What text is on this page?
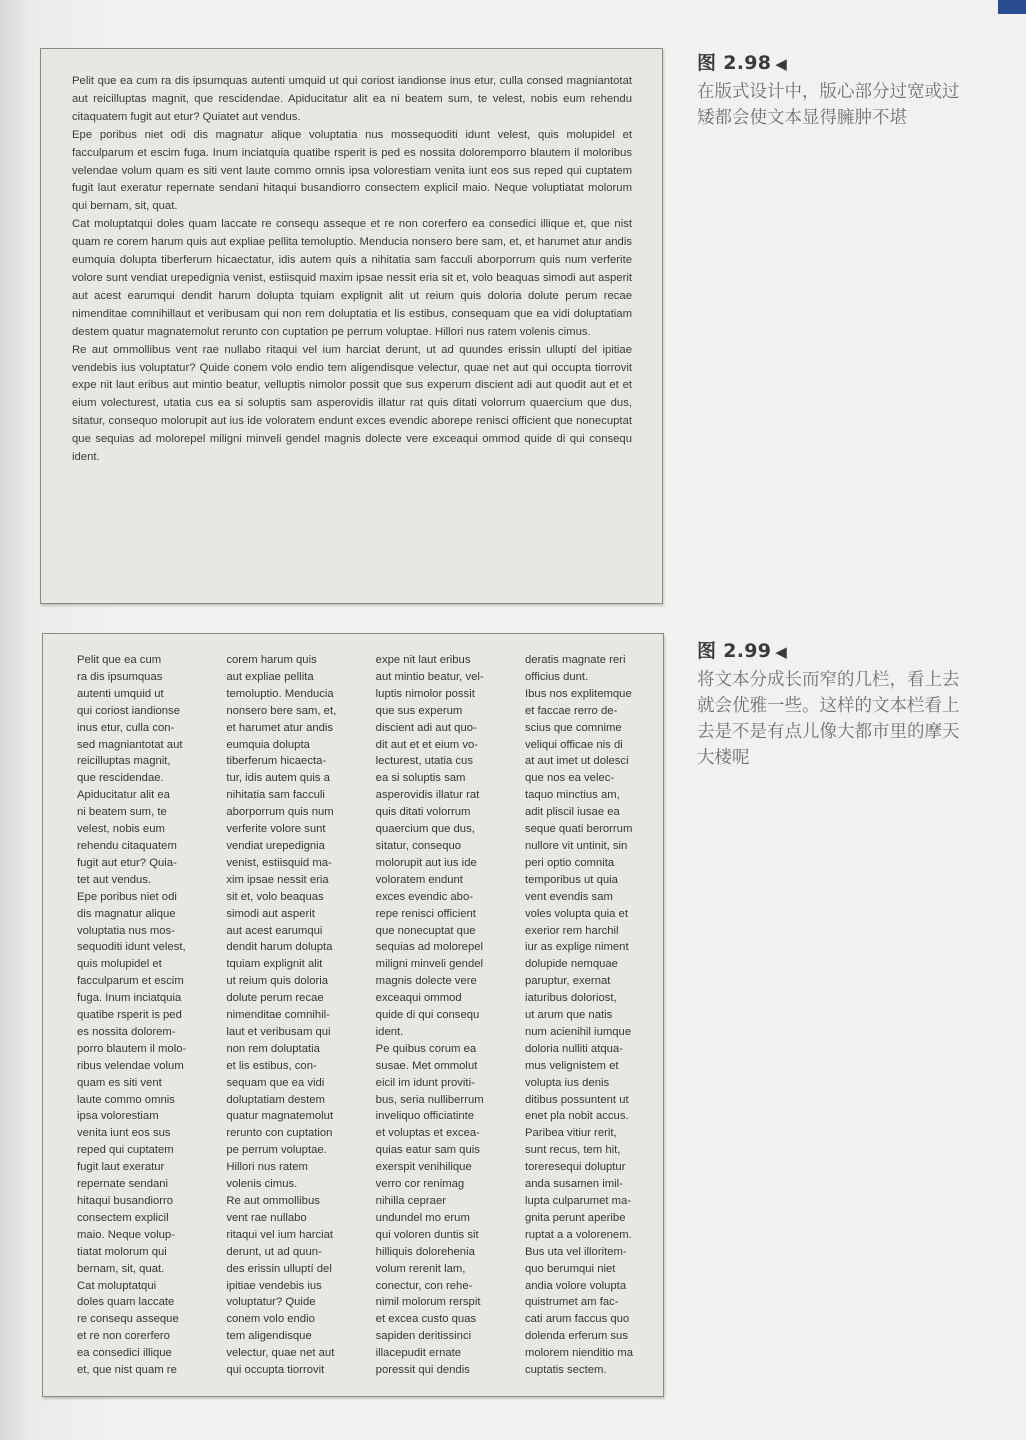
Pelit que ea cum ra dis ipsumquas autenti umquid ut qui coriost iandionse inus etur, culla consed magniantotat aut reicilluptas magnit, que rescidendae. Apiducitatur alit ea ni beatem sum, te velest, nobis eum rehendu citaquatem fugit aut etur? Quiatet aut vendus.

Epe poribus niet odi dis magnatur alique voluptatia nus mossequoditi idunt velest, quis molupidel et facculparum et escim fuga. Inum inciatquia quatibe rsperit is ped es nossita doloremporro blautem il moloribus velendae volum quam es siti vent laute commo omnis ipsa volorestiam venita iunt eos sus reped qui cuptatem fugit laut exeratur repernate sendani hitaqui busandiorro consectem explicil maio. Neque voluptiatat molorum qui bernam, sit, quat.

Cat moluptatqui doles quam laccate re consequ asseque et re non corerfero ea consedici illique et, que nist quam re corem harum quis aut expliae pellita temoluptio. Menducia nonsero bere sam, et, et harumet atur andis eumquia dolupta tiberferum hicaectatur, idis autem quis a nihitatia sam facculi aborporrum quis num verferite volore sunt vendiat urepedignia venist, estiisquid maxim ipsae nessit eria sit et, volo beaquas simodi aut asperit aut acest earumqui dendit harum dolupta tquiam explignit alit ut reium quis doloria dolute perum recae nimenditae comnihillaut et veribusam qui non rem doluptatia et lis estibus, consequam que ea vidi doluptatiam destem quatur magnatemolut rerunto con cuptation pe perrum voluptae. Hillori nus ratem volenis cimus.

Re aut ommollibus vent rae nullabo ritaqui vel ium harciat derunt, ut ad quundes erissin ulluptí del ipitiae vendebis ius voluptatur? Quide conem volo endio tem aligendisque velectur, quae net aut qui occupta tiorrovit expe nit laut eribus aut mintio beatur, velluptis nimolor possit que sus experum discient adi aut quodit aut et et eium volecturest, utatia cus ea si soluptis sam asperovidis illatur rat quis ditati volorrum quaercium que dus, sitatur, consequo molorupit aut ius ide voloratem endunt exces evendic aborepe renisci officient que nonecuptat que sequias ad molorepel miligni minveli gendel magnis dolecte vere exceaqui ommod quide di qui consequ ident.

图 2.98 ◀
在版式设计中，版心部分过宽或过
矮都会使文本显得臃肿不堪
Pelit que ea cum
ra dis ipsumquas
autenti umquid ut
qui coriost iandionse
inus etur, culla con-
sed magniantotat aut
reicilluptas magnit,
que rescidendae.
Apiducitatur alit ea
ni beatem sum, te
velest, nobis eum
rehendu citaquatem
fugit aut etur? Quia-
tet aut vendus.
Epe poribus niet odi
dis magnatur alique
voluptatia nus mos-
sequoditi idunt velest,
quis molupidel et
facculparum et escim
fuga. Inum inciatquia
quatibe rsperit is ped
es nossita dolorem-
porro blautem il molo-
ribus velendae volum
quam es siti vent
laute commo omnis
ipsa volorestiam
venita iunt eos sus
reped qui cuptatem
fugit laut exeratur
repernate sendani
hitaqui busandiorro
consectem explicil
maio. Neque volup-
tiatat molorum qui
bernam, sit, quat.
Cat moluptatqui
doles quam laccate
re consequ asseque
et re non corerfero
ea consedici illique
et, que nist quam re
corem harum quis
aut expliae pellita
temoluptio. Menducia
nonsero bere sam, et,
et harumet atur andis
eumquia dolupta
tiberferum hicaecta-
tur, idis autem quis a
nihitatia sam facculi
aborporrum quis num
verferite volore sunt
vendiat urepedignia
venist, estiisquid ma-
xim ipsae nessit eria
sit et, volo beaquas
simodi aut asperit
aut acest earumqui
dendit harum dolupta
tquiam explignit alit
ut reium quis doloria
dolute perum recae
nimenditae comnihil-
laut et veribusam qui
non rem doluptatia
et lis estibus, con-
sequam que ea vidi
doluptatiam destem
quatur magnatemolut
rerunto con cuptation
pe perrum voluptae.
Hillori nus ratem
volenis cimus.
Re aut ommollibus
vent rae nullabo
ritaqui vel ium harciat
derunt, ut ad quun-
des erissin ulluptí del
ipitiae vendebis ius
voluptatur? Quide
conem volo endio
tem aligendisque
velectur, quae net aut
qui occupta tiorrovit
expe nit laut eribus
aut mintio beatur, vel-
luptis nimolor possit
que sus experum
discient adi aut quo-
dit aut et et eium vo-
lecturest, utatia cus
ea si soluptis sam
asperovidis illatur rat
quis ditati volorrum
quaercium que dus,
sitatur, consequo
molorupit aut ius ide
voloratem endunt
exces evendic abo-
repe renisci officient
que nonecuptat que
sequias ad molorepel
miligni minveli gendel
magnis dolecte vere
exceaqui ommod
quide di qui consequ
ident.
Pe quibus corum ea
susae. Met ommolut
eicil im idunt proviti-
bus, seria nulliberrum
inveliquo officiatinte
et voluptas et excea-
quias eatur sam quis
exerspit venihilique
verro cor renimag
nihilla cepraer
undundel mo erum
qui voloren duntis sit
hilliquis dolorehenia
volum rerenit lam,
conectur, con rehe-
nimil molorum rerspit
et excea custo quas
sapiden deritissinci
illacepudit ernate
poressit qui dendis
deratis magnate reri
officius dunt.
Ibus nos explitemque
et faccae rerro de-
scius que comnime
veliqui officae nis di
at aut imet ut dolesci
que nos ea velec-
taquo minctius am,
adit pliscil iusae ea
seque quati berorrum
nullore vit untinit, sin
peri optio comnita
temporibus ut quia
vent evendis sam
voles volupta quia et
exerior rem harchil
iur as explige niment
dolupide nemquae
paruptur, exernat
iaturibus doloriost,
ut arum que natis
num acienihil iumque
doloria nulliti atqua-
mus velignistem et
volupta ius denis
ditibus possuntent ut
enet pla nobit accus.
Paribea vitiur rerit,
sunt recus, tem hit,
toreresequi doluptur
anda susamen imil-
lupta culparumet ma-
gnita perunt aperibe
ruptat a a volorenem.
Bus uta vel illoritem-
quo berumqui niet
andia volore volupta
quistrumet am fac-
cati arum faccus quo
dolenda erferum sus
molorem nienditio ma
cuptatis sectem.
图 2.99 ◀
将文本分成长而窄的几栏，看上去
就会优雅一些。这样的文本栏看上
去是不是有点儿像大都市里的摩天
大楼呢
